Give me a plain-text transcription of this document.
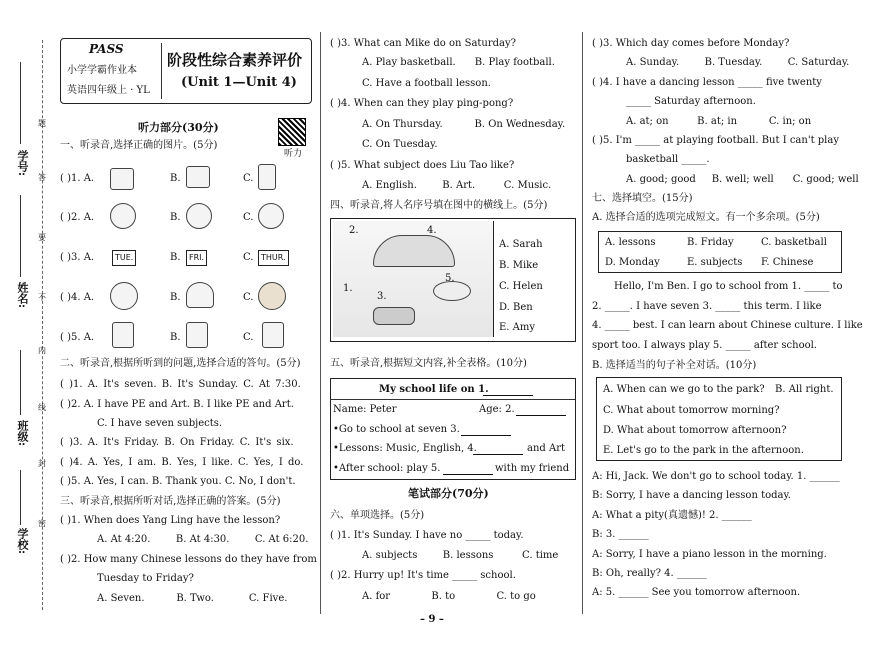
学校:
班级:
姓名:
学号:
题
答
要
不
内
线
封
密
PASS
小学学霸作业本
英语四年级上 · YL
阶段性综合素养评价
(Unit 1—Unit 4)
听力部分(30分)
听力
一、听录音,选择正确的图片。(5分)
( )1. A.	B.	C.
( )2. A.	B.	C.
( )3. A.	TUE.	B.	FRI.	C. THUR.
( )4. A.	B.	C.
( )5. A.	B.	C.
二、听录音,根据所听到的问题,选择合适的答句。(5分)
( )1. A. It's seven. B. It's Sunday. C. At 7:30.
( )2. A. I have PE and Art. B. I like PE and Art.
C. I have seven subjects.
( )3. A. It's Friday. B. On Friday. C. It's six.
( )4. A. Yes, I am. B. Yes, I like. C. Yes, I do.
( )5. A. Yes, I can. B. Thank you. C. No, I don't.
三、听录音,根据所听对话,选择正确的答案。(5分)
( )1. When does Yang Ling have the lesson?
A. At 4:20.        B. At 4:30.        C. At 6:20.
( )2. How many Chinese lessons do they have from
Tuesday to Friday?
A. Seven.          B. Two.           C. Five.
( )3. What can Mike do on Saturday?
A. Play basketball.      B. Play football.
C. Have a football lesson.
( )4. When can they play ping-pong?
A. On Thursday.          B. On Wednesday.
C. On Tuesday.
( )5. What subject does Liu Tao like?
A. English.        B. Art.         C. Music.
四、听录音,将人名序号填在图中的横线上。(5分)
2.	4.
1.
3.
5.
A. Sarah
B. Mike
C. Helen
D. Ben
E. Amy
五、听录音,根据短文内容,补全表格。(10分)
My school life on 1.
Name: Peter	Age: 2.
•Go to school at seven 3.
•Lessons: Music, English, 4.	and Art
•After school: play 5.	with my friend
笔试部分(70分)
六、单项选择。(5分)
( )1. It's Sunday. I have no _____ today.
A. subjects        B. lessons         C. time
( )2. Hurry up! It's time _____ school.
A. for             B. to             C. to go
( )3. Which day comes before Monday?
A. Sunday.        B. Tuesday.        C. Saturday.
( )4. I have a dancing lesson _____ five twenty
_____ Saturday afternoon.
A. at; on         B. at; in          C. in; on
( )5. I'm _____ at playing football. But I can't play
basketball _____.
A. good; good     B. well; well      C. good; well
七、选择填空。(15分)
A. 选择合适的选项完成短文。有一个多余项。(5分)
A. lessons	B. Friday	C. basketball
D. Monday	E. subjects F. Chinese
Hello, I'm Ben. I go to school from 1. _____ to
2. _____. I have seven 3. _____ this term. I like
4. _____ best. I can learn about Chinese culture. I like
sport too. I always play 5. _____ after school.
B. 选择适当的句子补全对话。(10分)
A. When can we go to the park? B. All right.
C. What about tomorrow morning?
D. What about tomorrow afternoon?
E. Let's go to the park in the afternoon.
A: Hi, Jack. We don't go to school today. 1. ______
B: Sorry, I have a dancing lesson today.
A: What a pity(真遗憾)! 2. ______
B: 3. ______
A: Sorry, I have a piano lesson in the morning.
B: Oh, really? 4. ______
A: 5. ______ See you tomorrow afternoon.
– 9 –
